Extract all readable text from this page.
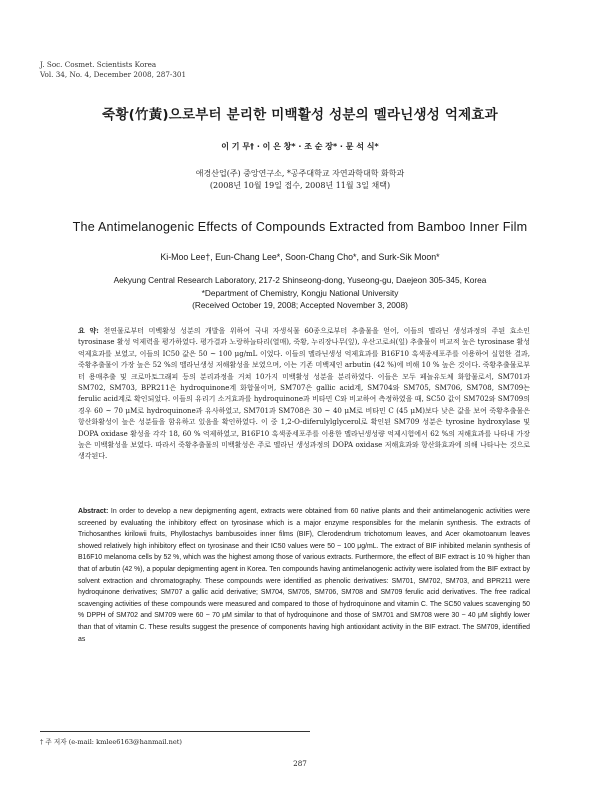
J. Soc. Cosmet. Scientists Korea
Vol. 34, No. 4, December 2008, 287-301
죽황(竹黃)으로부터 분리한 미백활성 성분의 멜라닌생성 억제효과
이 기 무† · 이 은 창* · 조 순 장* · 문 석 식*
애경산업(주) 중앙연구소, *공주대학교 자연과학대학 화학과
(2008년 10월 19일 접수, 2008년 11월 3일 채택)
The Antimelanogenic Effects of Compounds Extracted from Bamboo Inner Film
Ki-Moo Lee†, Eun-Chang Lee*, Soon-Chang Cho*, and Surk-Sik Moon*
Aekyung Central Research Laboratory, 217-2 Shinseong-dong, Yuseong-gu, Daejeon 305-345, Korea
*Department of Chemistry, Kongju National University
(Received October 19, 2008; Accepted November 3, 2008)
요 약: 천연물로부터 미백활성 성분의 개발을 위하여 국내 자생식물 60종으로부터 추출물을 얻어, 이들의 멜라닌 생성과정의 주된 효소인 tyrosinase 활성 억제력을 평가하였다. 평가결과 노랑하늘타리(열매), 죽황, 누리장나무(잎), 우산고로쇠(잎) 추출물이 비교적 높은 tyrosinase 활성억제효과를 보였고, 이들의 IC50 값은 50 ~ 100 μg/mL 이었다. 이들의 멜라닌생성 억제효과를 B16F10 흑색종세포주를 이용하여 실험한 결과, 죽황추출물이 가장 높은 52 %의 멜라닌생성 저해활성을 보였으며, 이는 기존 미백제인 arbutin (42 %)에 비해 10 % 높은 것이다. 죽황추출물로부터 용매추출 및 크로마토그래피 등의 분리과정을 거쳐 10가지 미백활성 성분을 분리하였다. 이들은 모두 페놀유도체 화합물로서, SM701과 SM702, SM703, BPR211은 hydroquinone계 화합물이며, SM707은 gallic acid계, SM704와 SM705, SM706, SM708, SM709는 ferulic acid계로 확인되었다. 이들의 유리기 소거효과를 hydroquinone과 비타민 C와 비교하여 측정하였을 때, SC50 값이 SM702와 SM709의 경우 60 ~ 70 μM로 hydroquinone과 유사하였고, SM701과 SM708은 30 ~ 40 μM로 비타민 C (45 μM)보다 낮은 값을 보여 죽황추출물은 항산화활성이 높은 성분들을 함유하고 있음을 확인하였다. 이 중 1,2-O-diferulylglycerol로 확인된 SM709 성분은 tyrosine hydroxylase 및 DOPA oxidase 활성을 각각 18, 60 % 억제하였고, B16F10 흑색종세포주를 이용한 멜라닌생성량 억제시험에서 62 %의 저해효과를 나타내 가장 높은 미백활성을 보였다. 따라서 죽황추출물의 미백활성은 주로 멜라닌 생성과정의 DOPA oxidase 저해효과와 항산화효과에 의해 나타나는 것으로 생각된다.
Abstract: In order to develop a new depigmenting agent, extracts were obtained from 60 native plants and their antimelanogenic activities were screened by evaluating the inhibitory effect on tyrosinase which is a major enzyme responsibles for the melanin synthesis. The extracts of Trichosanthes kirilowii fruits, Phyllostachys bambusoides inner films (BIF), Clerodendrum trichotomum leaves, and Acer okamotoanum leaves showed relatively high inhibitory effect on tyrosinase and their IC50 values were 50 ~ 100 μg/mL. The extract of BIF inhibited melanin synthesis of B16F10 melanoma cells by 52 %, which was the highest among those of various extracts. Furthermore, the effect of BIF extract is 10 % higher than that of arbutin (42 %), a popular depigmenting agent in Korea. Ten compounds having antimelanogenic activity were isolated from the BIF extract by solvent extraction and chromatography. These compounds were identified as phenolic derivatives: SM701, SM702, SM703, and BPR211 were hydroquinone derivatives; SM707 a gallic acid derivative; SM704, SM705, SM706, SM708 and SM709 ferulic acid derivatives. The free radical scavenging activities of these compounds were measured and compared to those of hydroquinone and vitamin C. The SC50 values scavenging 50 % DPPH of SM702 and SM709 were 60 ~ 70 μM similar to that of hydroquinone and those of SM701 and SM708 were 30 ~ 40 μM slightly lower than that of vitamin C. These results suggest the presence of components having high antioxidant activity in the BIF extract. The SM709, identified as
† 주 저자 (e-mail: kmlee6163@hanmail.net)
287
